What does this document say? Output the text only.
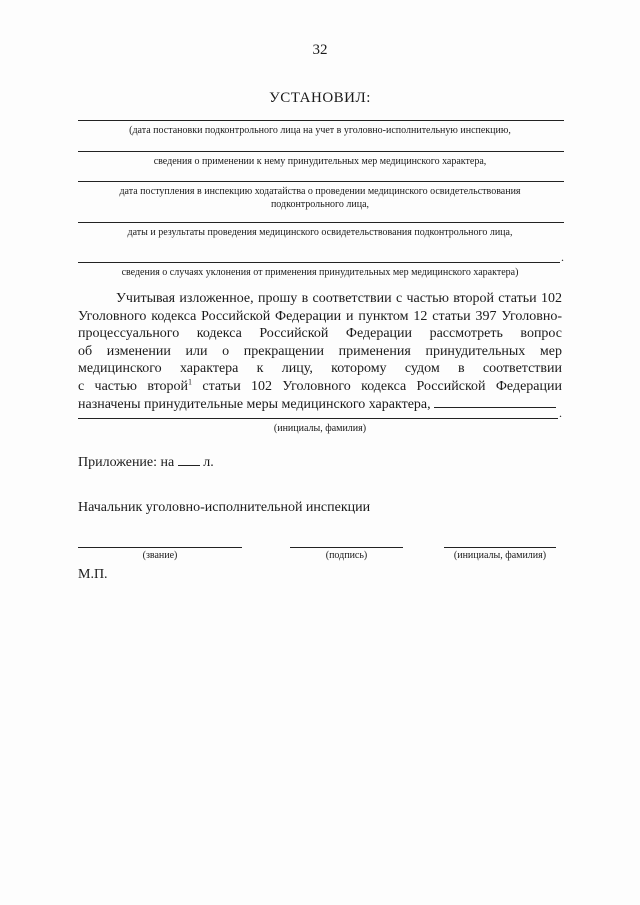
32
УСТАНОВИЛ:
(дата постановки подконтрольного лица на учет в уголовно-исполнительную инспекцию,
сведения о применении к нему принудительных мер медицинского характера,
дата поступления в инспекцию ходатайства о проведении медицинского освидетельствования
подконтрольного лица,
даты и результаты проведения медицинского освидетельствования подконтрольного лица,
.
сведения о случаях уклонения от применения принудительных мер медицинского характера)
Учитывая изложенное, прошу в соответствии с частью второй статьи 102
Уголовного кодекса Российской Федерации и пунктом 12 статьи 397 Уголовно-
процессуального кодекса Российской Федерации рассмотреть вопрос
об изменении или о прекращении применения принудительных мер
медицинского характера к лицу, которому судом в соответствии
с частью второй$^1$ статьи 102 Уголовного кодекса Российской Федерации
назначены принудительные меры медицинского характера,
.
(инициалы, фамилия)
Приложение: на л.
Начальник уголовно-исполнительной инспекции
(звание)	(подпись)	(инициалы, фамилия)
М.П.
